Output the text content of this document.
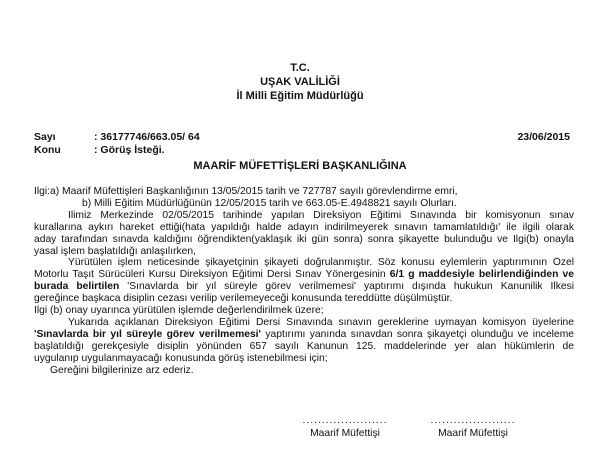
T.C.
UŞAK VALİLİĞİ
İl Milli Eğitim Müdürlüğü
Sayı	: 36177746/663.05/ 64
Konu	: Görüş İsteği.
23/06/2015
MAARİF MÜFETTİŞLERİ BAŞKANLIĞINA
İlgi:a) Maarif Müfettişleri Başkanlığının 13/05/2015 tarih ve 727787 sayılı görevlendirme emri,
b) Milli Eğitim Müdürlüğünün 12/05/2015 tarih ve 663.05-E.4948821 sayılı Olurları.
İlimiz Merkezinde 02/05/2015 tarihinde yapılan Direksiyon Eğitimi Sınavında bir komisyonun sınav
kurallarına aykırı hareket ettiği(hata yapıldığı halde adayın indirilmeyerek sınavın tamamlatıldığı' ile ilgili olarak
aday tarafından sınavda kaldığını öğrendikten(yaklaşık iki gün sonra) sonra şikayette bulunduğu ve İlgi(b) onayla
yasal işlem başlatıldığı anlaşılırken,
Yürütülen işlem neticesinde şikayetçinin şikayeti doğrulanmıştır. Söz konusu eylemlerin yaptırımının Özel
Motorlu Taşıt Sürücüleri Kursu Direksiyon Eğitimi Dersi Sınav Yönergesinin 6/1 g maddesiyle belirlendiğinden ve
burada belirtilen 'Sınavlarda bir yıl süreyle görev verilmemesi' yaptırımı dışında hukukun Kanunilik İlkesi
gereğince başkaca disiplin cezası verilip verilemeyeceği konusunda tereddütte düşülmüştür.
İlgi (b) onay uyarınca yürütülen işlemde değerlendirilmek üzere;
Yukarıda açıklanan Direksiyon Eğitimi Dersi Sınavında sınavın gereklerine uymayan komisyon üyelerine
'Sınavlarda bir yıl süreyle görev verilmemesi' yaptırımı yanında sınavdan sonra şikayetçi olunduğu ve inceleme
başlatıldığı gerekçesiyle disiplin yönünden 657 sayılı Kanunun 125. maddelerinde yer alan hükümlerin de
uygulanıp uygulanmayacağı konusunda görüş istenebilmesi için;
Gereğini bilgilerinize arz ederiz.
......................
Maarif Müfettişi
......................
Maarif Müfettişi
